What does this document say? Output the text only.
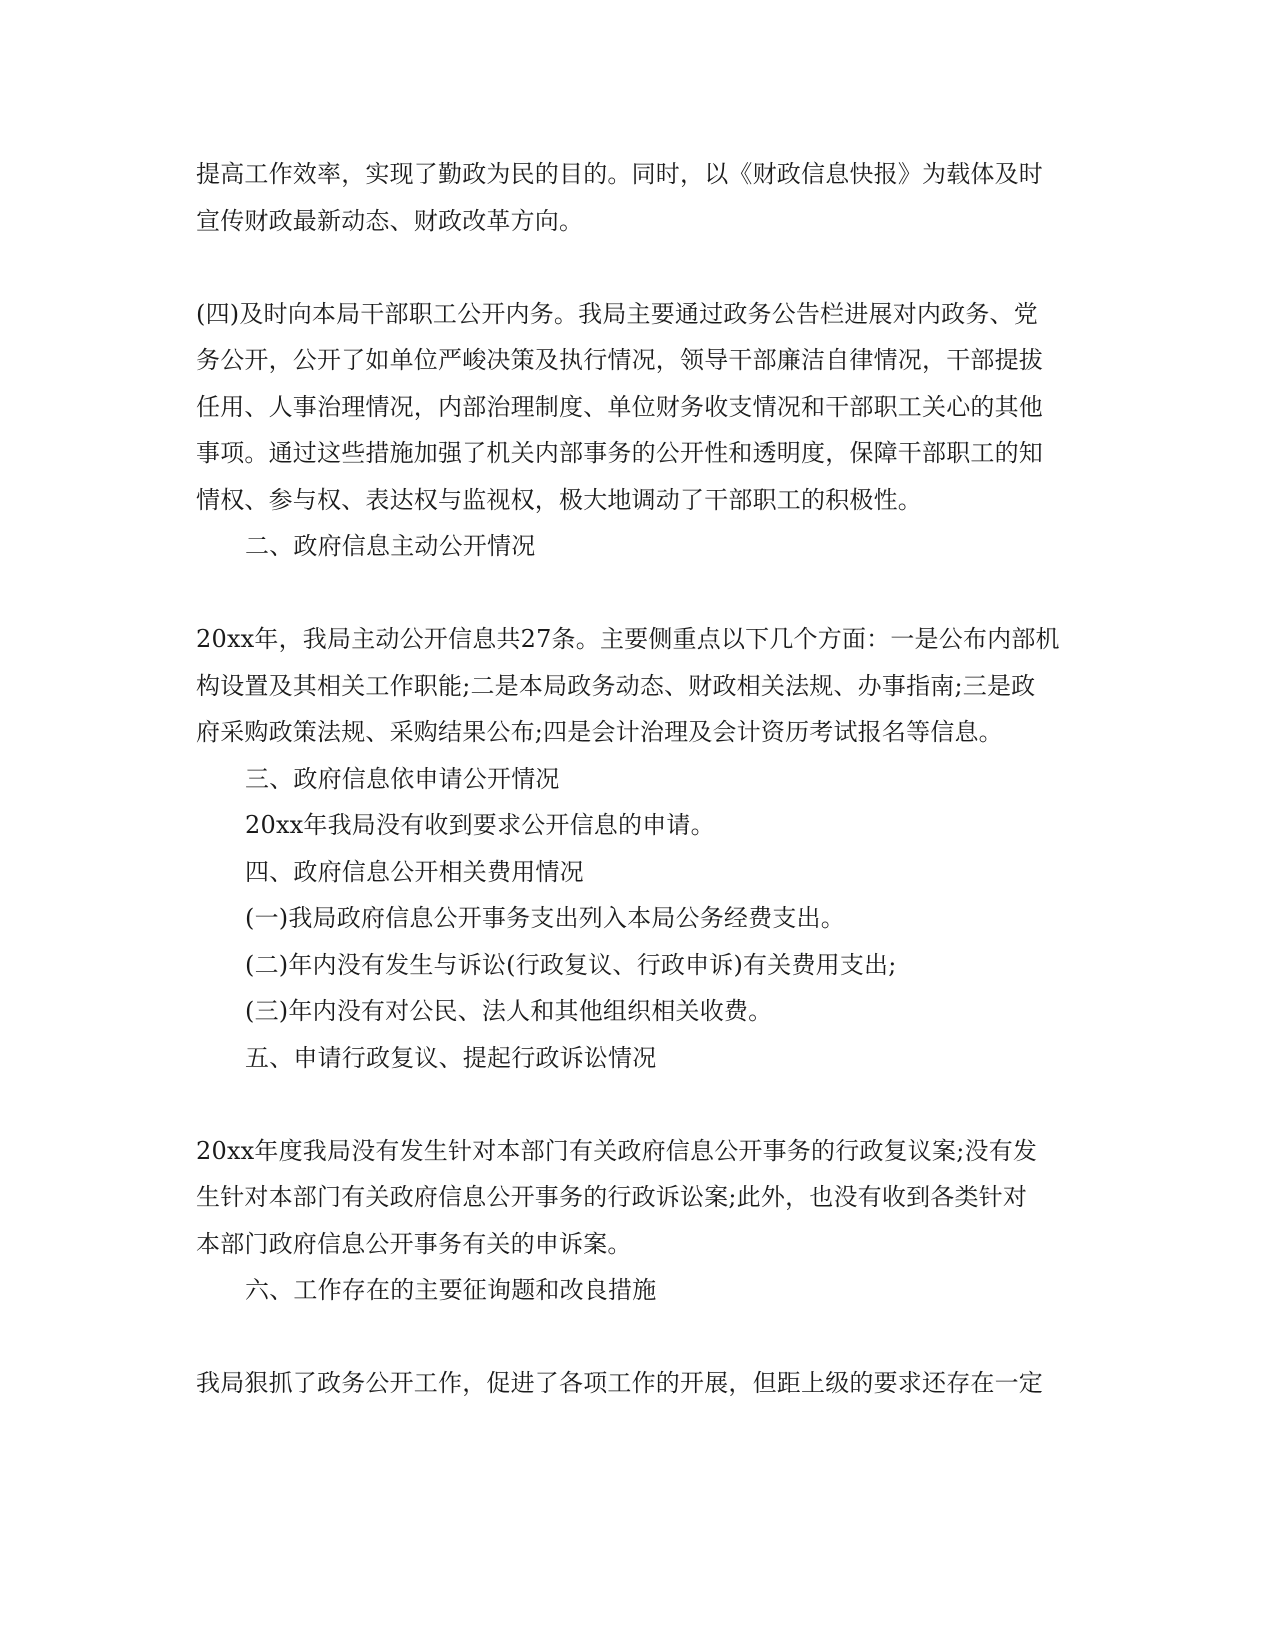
提高工作效率，实现了勤政为民的目的。同时，以《财政信息快报》为载体及时
宣传财政最新动态、财政改革方向。
(四)及时向本局干部职工公开内务。我局主要通过政务公告栏进展对内政务、党
务公开，公开了如单位严峻决策及执行情况，领导干部廉洁自律情况，干部提拔
任用、人事治理情况，内部治理制度、单位财务收支情况和干部职工关心的其他
事项。通过这些措施加强了机关内部事务的公开性和透明度，保障干部职工的知
情权、参与权、表达权与监视权，极大地调动了干部职工的积极性。
二、政府信息主动公开情况
20xx年，我局主动公开信息共27条。主要侧重点以下几个方面：一是公布内部机
构设置及其相关工作职能;二是本局政务动态、财政相关法规、办事指南;三是政
府采购政策法规、采购结果公布;四是会计治理及会计资历考试报名等信息。
三、政府信息依申请公开情况
20xx年我局没有收到要求公开信息的申请。
四、政府信息公开相关费用情况
(一)我局政府信息公开事务支出列入本局公务经费支出。
(二)年内没有发生与诉讼(行政复议、行政申诉)有关费用支出;
(三)年内没有对公民、法人和其他组织相关收费。
五、申请行政复议、提起行政诉讼情况
20xx年度我局没有发生针对本部门有关政府信息公开事务的行政复议案;没有发
生针对本部门有关政府信息公开事务的行政诉讼案;此外，也没有收到各类针对
本部门政府信息公开事务有关的申诉案。
六、工作存在的主要征询题和改良措施
我局狠抓了政务公开工作，促进了各项工作的开展，但距上级的要求还存在一定
